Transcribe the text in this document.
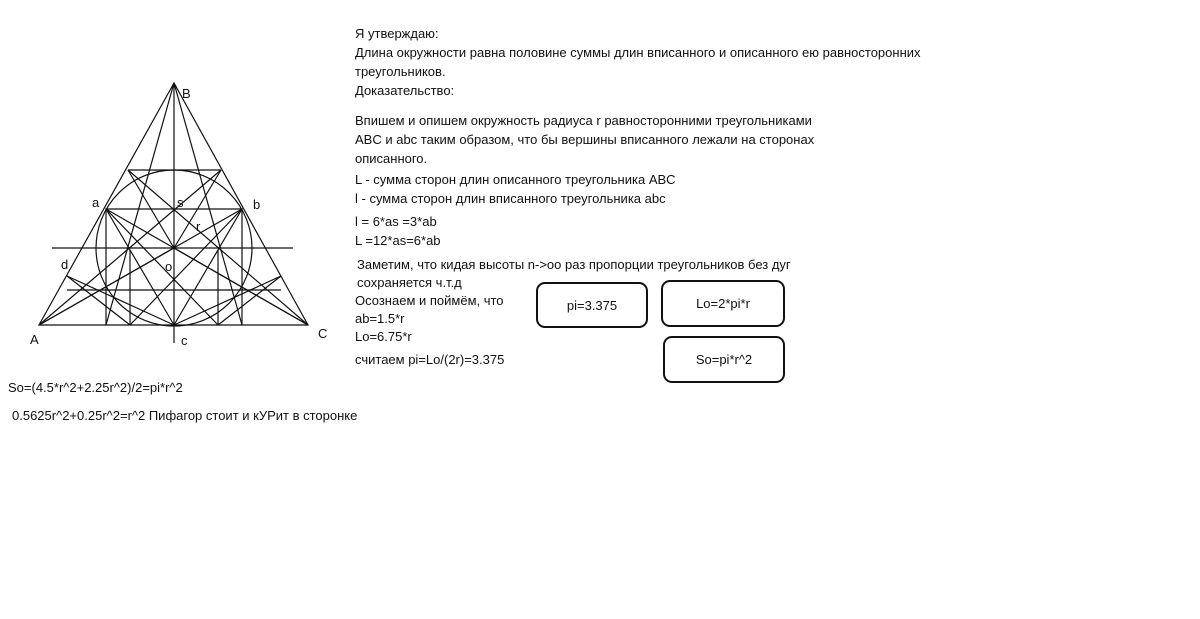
B
A	C
a	b
c
d	o
s
r
Я утверждаю:
Длина окружности равна половине суммы длин вписанного и описанного ею равносторонних
треугольников.
Доказательство:
Впишем и опишем окружность радиуса r равносторонними треугольниками
ABC и abc таким образом, что бы вершины вписанного лежали на сторонах
описанного.
L - сумма сторон длин описанного треугольника ABC
l - сумма сторон длин вписанного треугольника abc
l = 6*as =3*ab
L =12*as=6*ab
Заметим, что кидая высоты n->oo раз пропорции треугольников без дуг
сохраняется ч.т.д
Осознаем и поймём, что
ab=1.5*r
Lo=6.75*r
считаем pi=Lo/(2r)=3.375
pi=3.375	Lo=2*pi*r
So=pi*r^2
So=(4.5*r^2+2.25r^2)/2=pi*r^2
0.5625r^2+0.25r^2=r^2 Пифагор стоит и кУРит в сторонке
